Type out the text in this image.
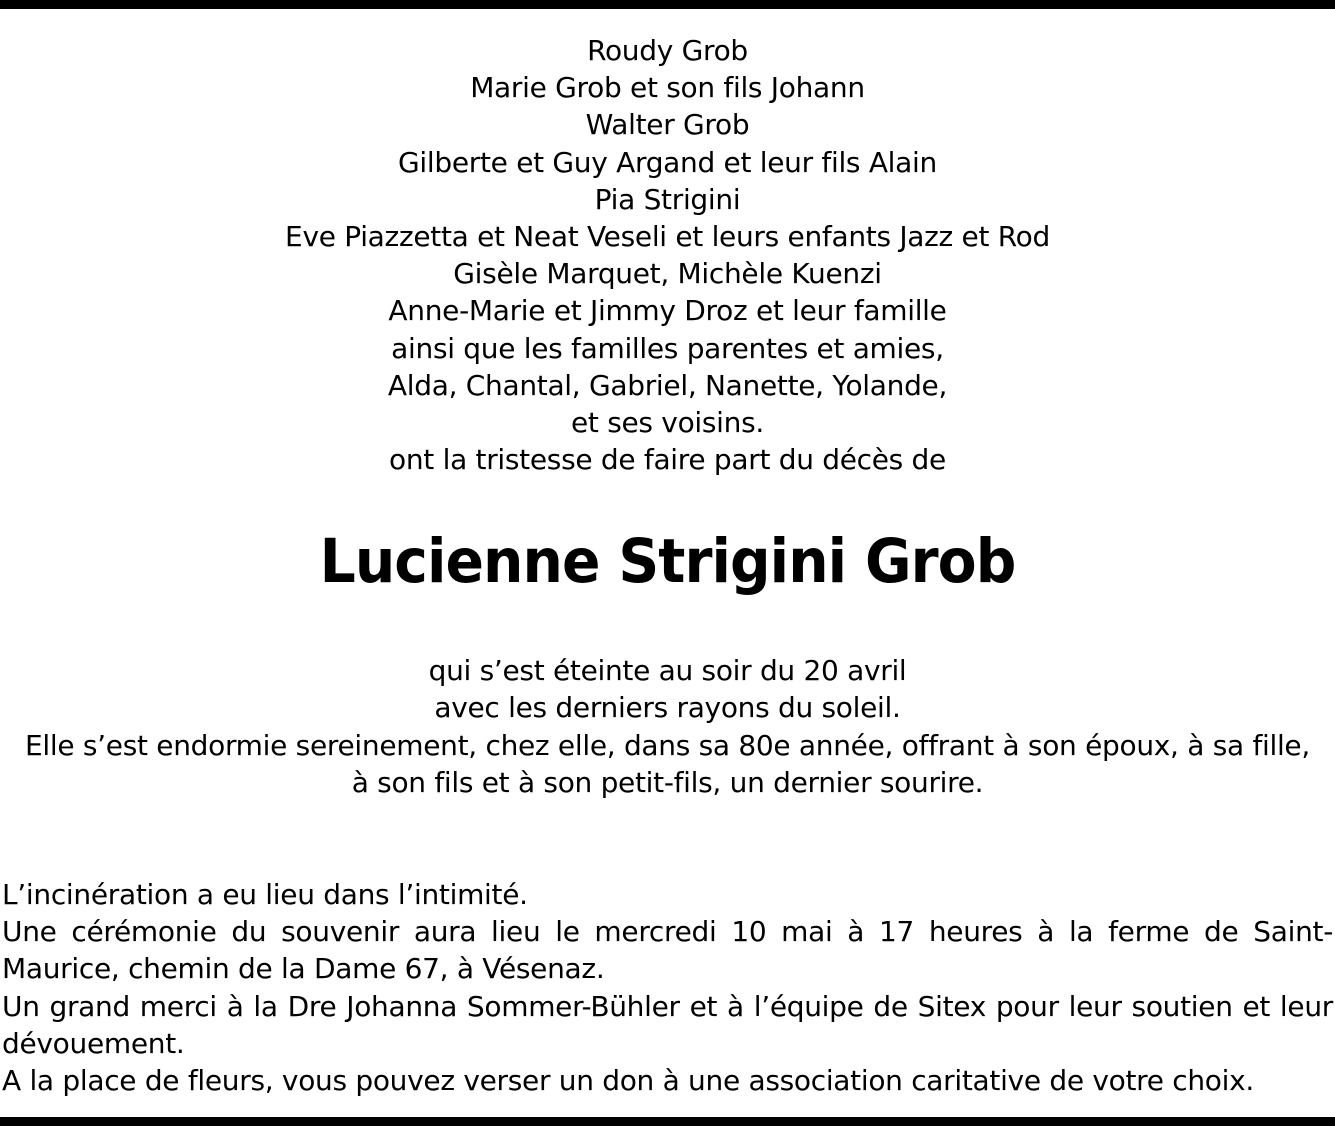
Roudy Grob
Marie Grob et son fils Johann
Walter Grob
Gilberte et Guy Argand et leur fils Alain
Pia Strigini
Eve Piazzetta et Neat Veseli et leurs enfants Jazz et Rod
Gisèle Marquet, Michèle Kuenzi
Anne-Marie et Jimmy Droz et leur famille
ainsi que les familles parentes et amies,
Alda, Chantal, Gabriel, Nanette, Yolande,
et ses voisins.
ont la tristesse de faire part du décès de
Lucienne Strigini Grob
qui s’est éteinte au soir du 20 avril
avec les derniers rayons du soleil.
Elle s’est endormie sereinement, chez elle, dans sa 80e année, offrant à son époux, à sa fille, à son fils et à son petit-fils, un dernier sourire.

L’incinération a eu lieu dans l’intimité.

Une cérémonie du souvenir aura lieu le mercredi 10 mai à 17 heures à la ferme de Saint-Maurice, chemin de la Dame 67, à Vésenaz.

Un grand merci à la Dre Johanna Sommer-Bühler et à l’équipe de Sitex pour leur soutien et leur dévouement.

A la place de fleurs, vous pouvez verser un don à une association caritative de votre choix.
